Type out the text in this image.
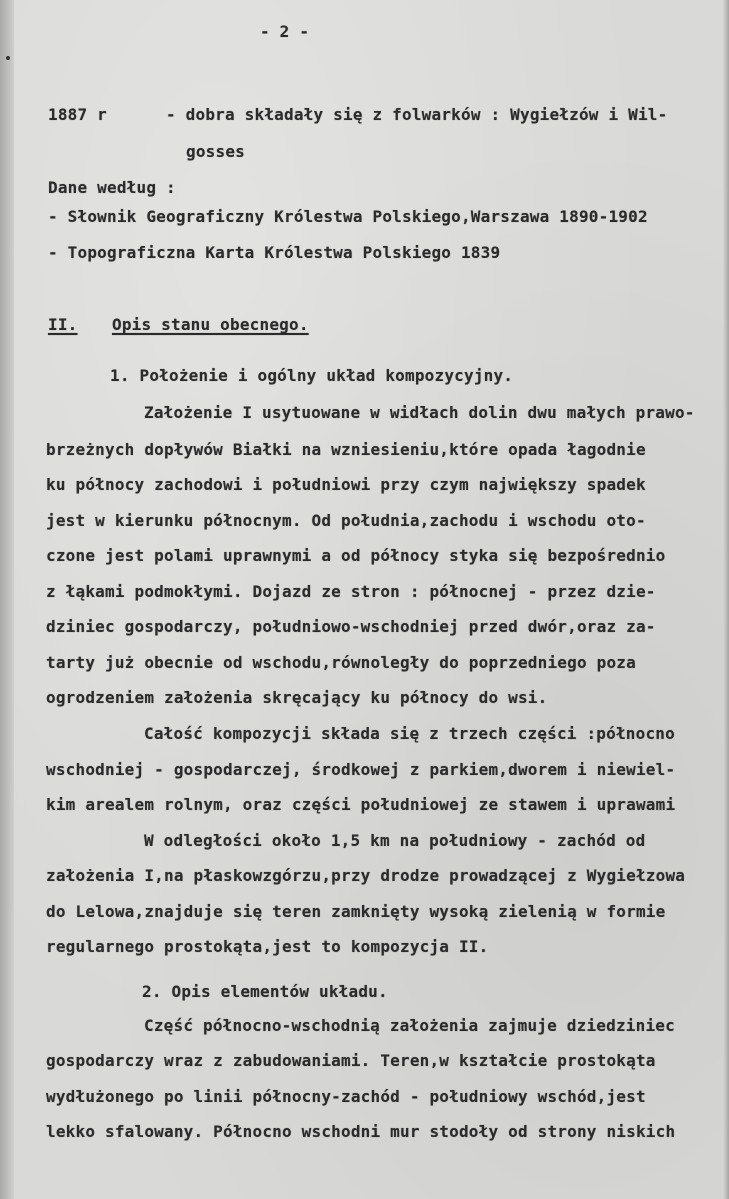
- 2 -
1887 r	- dobra składały się z folwarków : Wygiełzów i Wil-
gosses
Dane według :
- Słownik Geograficzny Królestwa Polskiego,Warszawa 1890-1902
- Topograficzna Karta Królestwa Polskiego 1839
II. Opis stanu obecnego.
1. Położenie i ogólny układ kompozycyjny.
Założenie I usytuowane w widłach dolin dwu małych prawo-
brzeżnych dopływów Białki na wzniesieniu,które opada łagodnie
ku północy zachodowi i południowi przy czym największy spadek
jest w kierunku północnym. Od południa,zachodu i wschodu oto-
czone jest polami uprawnymi a od północy styka się bezpośrednio
z łąkami podmokłymi. Dojazd ze stron : północnej - przez dzie-
dziniec gospodarczy, południowo-wschodniej przed dwór,oraz za-
tarty już obecnie od wschodu,równoległy do poprzedniego poza
ogrodzeniem założenia skręcający ku północy do wsi.
Całość kompozycji składa się z trzech części :północno
wschodniej - gospodarczej, środkowej z parkiem,dworem i niewiel-
kim arealem rolnym, oraz części południowej ze stawem i uprawami
W odległości około 1,5 km na południowy - zachód od
założenia I,na płaskowzgórzu,przy drodze prowadzącej z Wygiełzowa
do Lelowa,znajduje się teren zamknięty wysoką zielenią w formie
regularnego prostokąta,jest to kompozycja II.
2. Opis elementów układu.
Część północno-wschodnią założenia zajmuje dziedziniec
gospodarczy wraz z zabudowaniami. Teren,w kształcie prostokąta
wydłużonego po linii północny-zachód - południowy wschód,jest
lekko sfalowany. Północno wschodni mur stodoły od strony niskich
